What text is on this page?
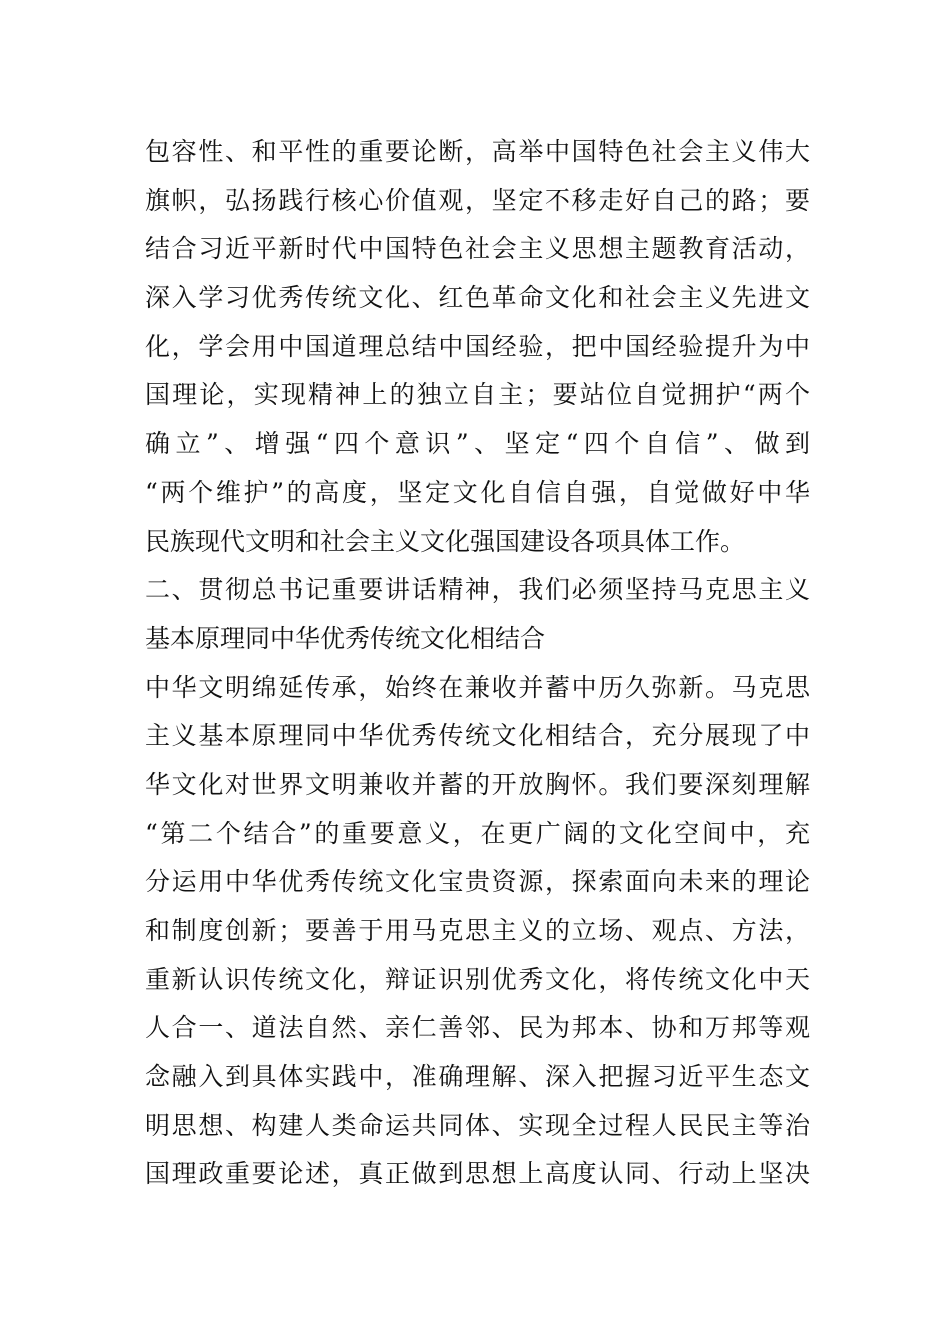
包容性、和平性的重要论断，高举中国特色社会主义伟大
旗帜，弘扬践行核心价值观，坚定不移走好自己的路；要
结合习近平新时代中国特色社会主义思想主题教育活动，
深入学习优秀传统文化、红色革命文化和社会主义先进文
化，学会用中国道理总结中国经验，把中国经验提升为中
国理论，实现精神上的独立自主；要站位自觉拥护“两个
确立”、增强“四个意识”、坚定“四个自信”、做到
“两个维护”的高度，坚定文化自信自强，自觉做好中华
民族现代文明和社会主义文化强国建设各项具体工作。
二、贯彻总书记重要讲话精神，我们必须坚持马克思主义
基本原理同中华优秀传统文化相结合
中华文明绵延传承，始终在兼收并蓄中历久弥新。马克思
主义基本原理同中华优秀传统文化相结合，充分展现了中
华文化对世界文明兼收并蓄的开放胸怀。我们要深刻理解
“第二个结合”的重要意义，在更广阔的文化空间中，充
分运用中华优秀传统文化宝贵资源，探索面向未来的理论
和制度创新；要善于用马克思主义的立场、观点、方法，
重新认识传统文化，辩证识别优秀文化，将传统文化中天
人合一、道法自然、亲仁善邻、民为邦本、协和万邦等观
念融入到具体实践中，准确理解、深入把握习近平生态文
明思想、构建人类命运共同体、实现全过程人民民主等治
国理政重要论述，真正做到思想上高度认同、行动上坚决
